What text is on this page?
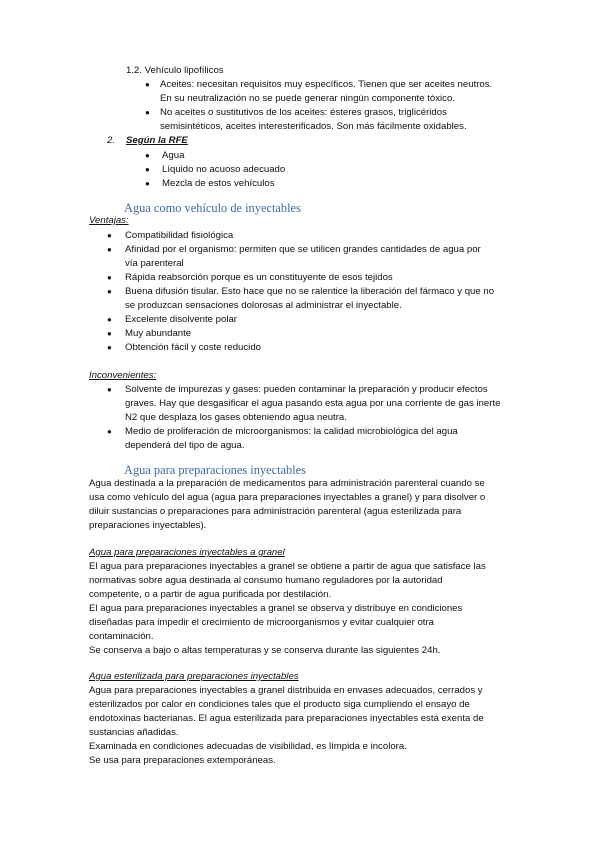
1.2. Vehículo lipofílicos
● Aceites: necesitan requisitos muy específicos. Tienen que ser aceites neutros.
En su neutralización no se puede generar ningún componente tóxico.
● No aceites o sustitutivos de los aceites: ésteres grasos, triglicéridos
semisintéticos, aceites interesterificados. Son más fácilmente oxidables.
2. Según la RFE
● Agua
● Líquido no acuoso adecuado
● Mezcla de estos vehículos
Agua como vehículo de inyectables
Ventajas:
● Compatibilidad fisiológica
● Afinidad por el organismo: permiten que se utilicen grandes cantidades de agua por
vía parenteral
● Rápida reabsorción porque es un constituyente de esos tejidos
● Buena difusión tisular. Esto hace que no se ralentice la liberación del fármaco y que no
se produzcan sensaciones dolorosas al administrar el inyectable.
● Excelente disolvente polar
● Muy abundante
● Obtención fácil y coste reducido
Inconvenientes:
● Solvente de impurezas y gases: pueden contaminar la preparación y producir efectos
graves. Hay que desgasificar el agua pasando esta agua por una corriente de gas inerte
N2 que desplaza los gases obteniendo agua neutra.
● Medio de proliferación de microorganismos: la calidad microbiológica del agua
dependerá del tipo de agua.
Agua para preparaciones inyectables
Agua destinada a la preparación de medicamentos para administración parenteral cuando se
usa como vehículo del agua (agua para preparaciones inyectables a granel) y para disolver o
diluir sustancias o preparaciones para administración parenteral (agua esterilizada para
preparaciones inyectables).
Agua para preparaciones inyectables a granel
El agua para preparaciones inyectables a granel se obtiene a partir de agua que satisface las
normativas sobre agua destinada al consumo humano reguladores por la autoridad
competente, o a partir de agua purificada por destilación.
El agua para preparaciones inyectables a granel se observa y distribuye en condiciones
diseñadas para impedir el crecimiento de microorganismos y evitar cualquier otra
contaminación.
Se conserva a bajo o altas temperaturas y se conserva durante las siguientes 24h.
Agua esterilizada para preparaciones inyectables
Agua para preparaciones inyectables a granel distribuida en envases adecuados, cerrados y
esterilizados por calor en condiciones tales que el producto siga cumpliendo el ensayo de
endotoxinas bacterianas. El agua esterilizada para preparaciones inyectables está exenta de
sustancias añadidas.
Examinada en condiciones adecuadas de visibilidad, es límpida e incolora.
Se usa para preparaciones extemporáneas.
